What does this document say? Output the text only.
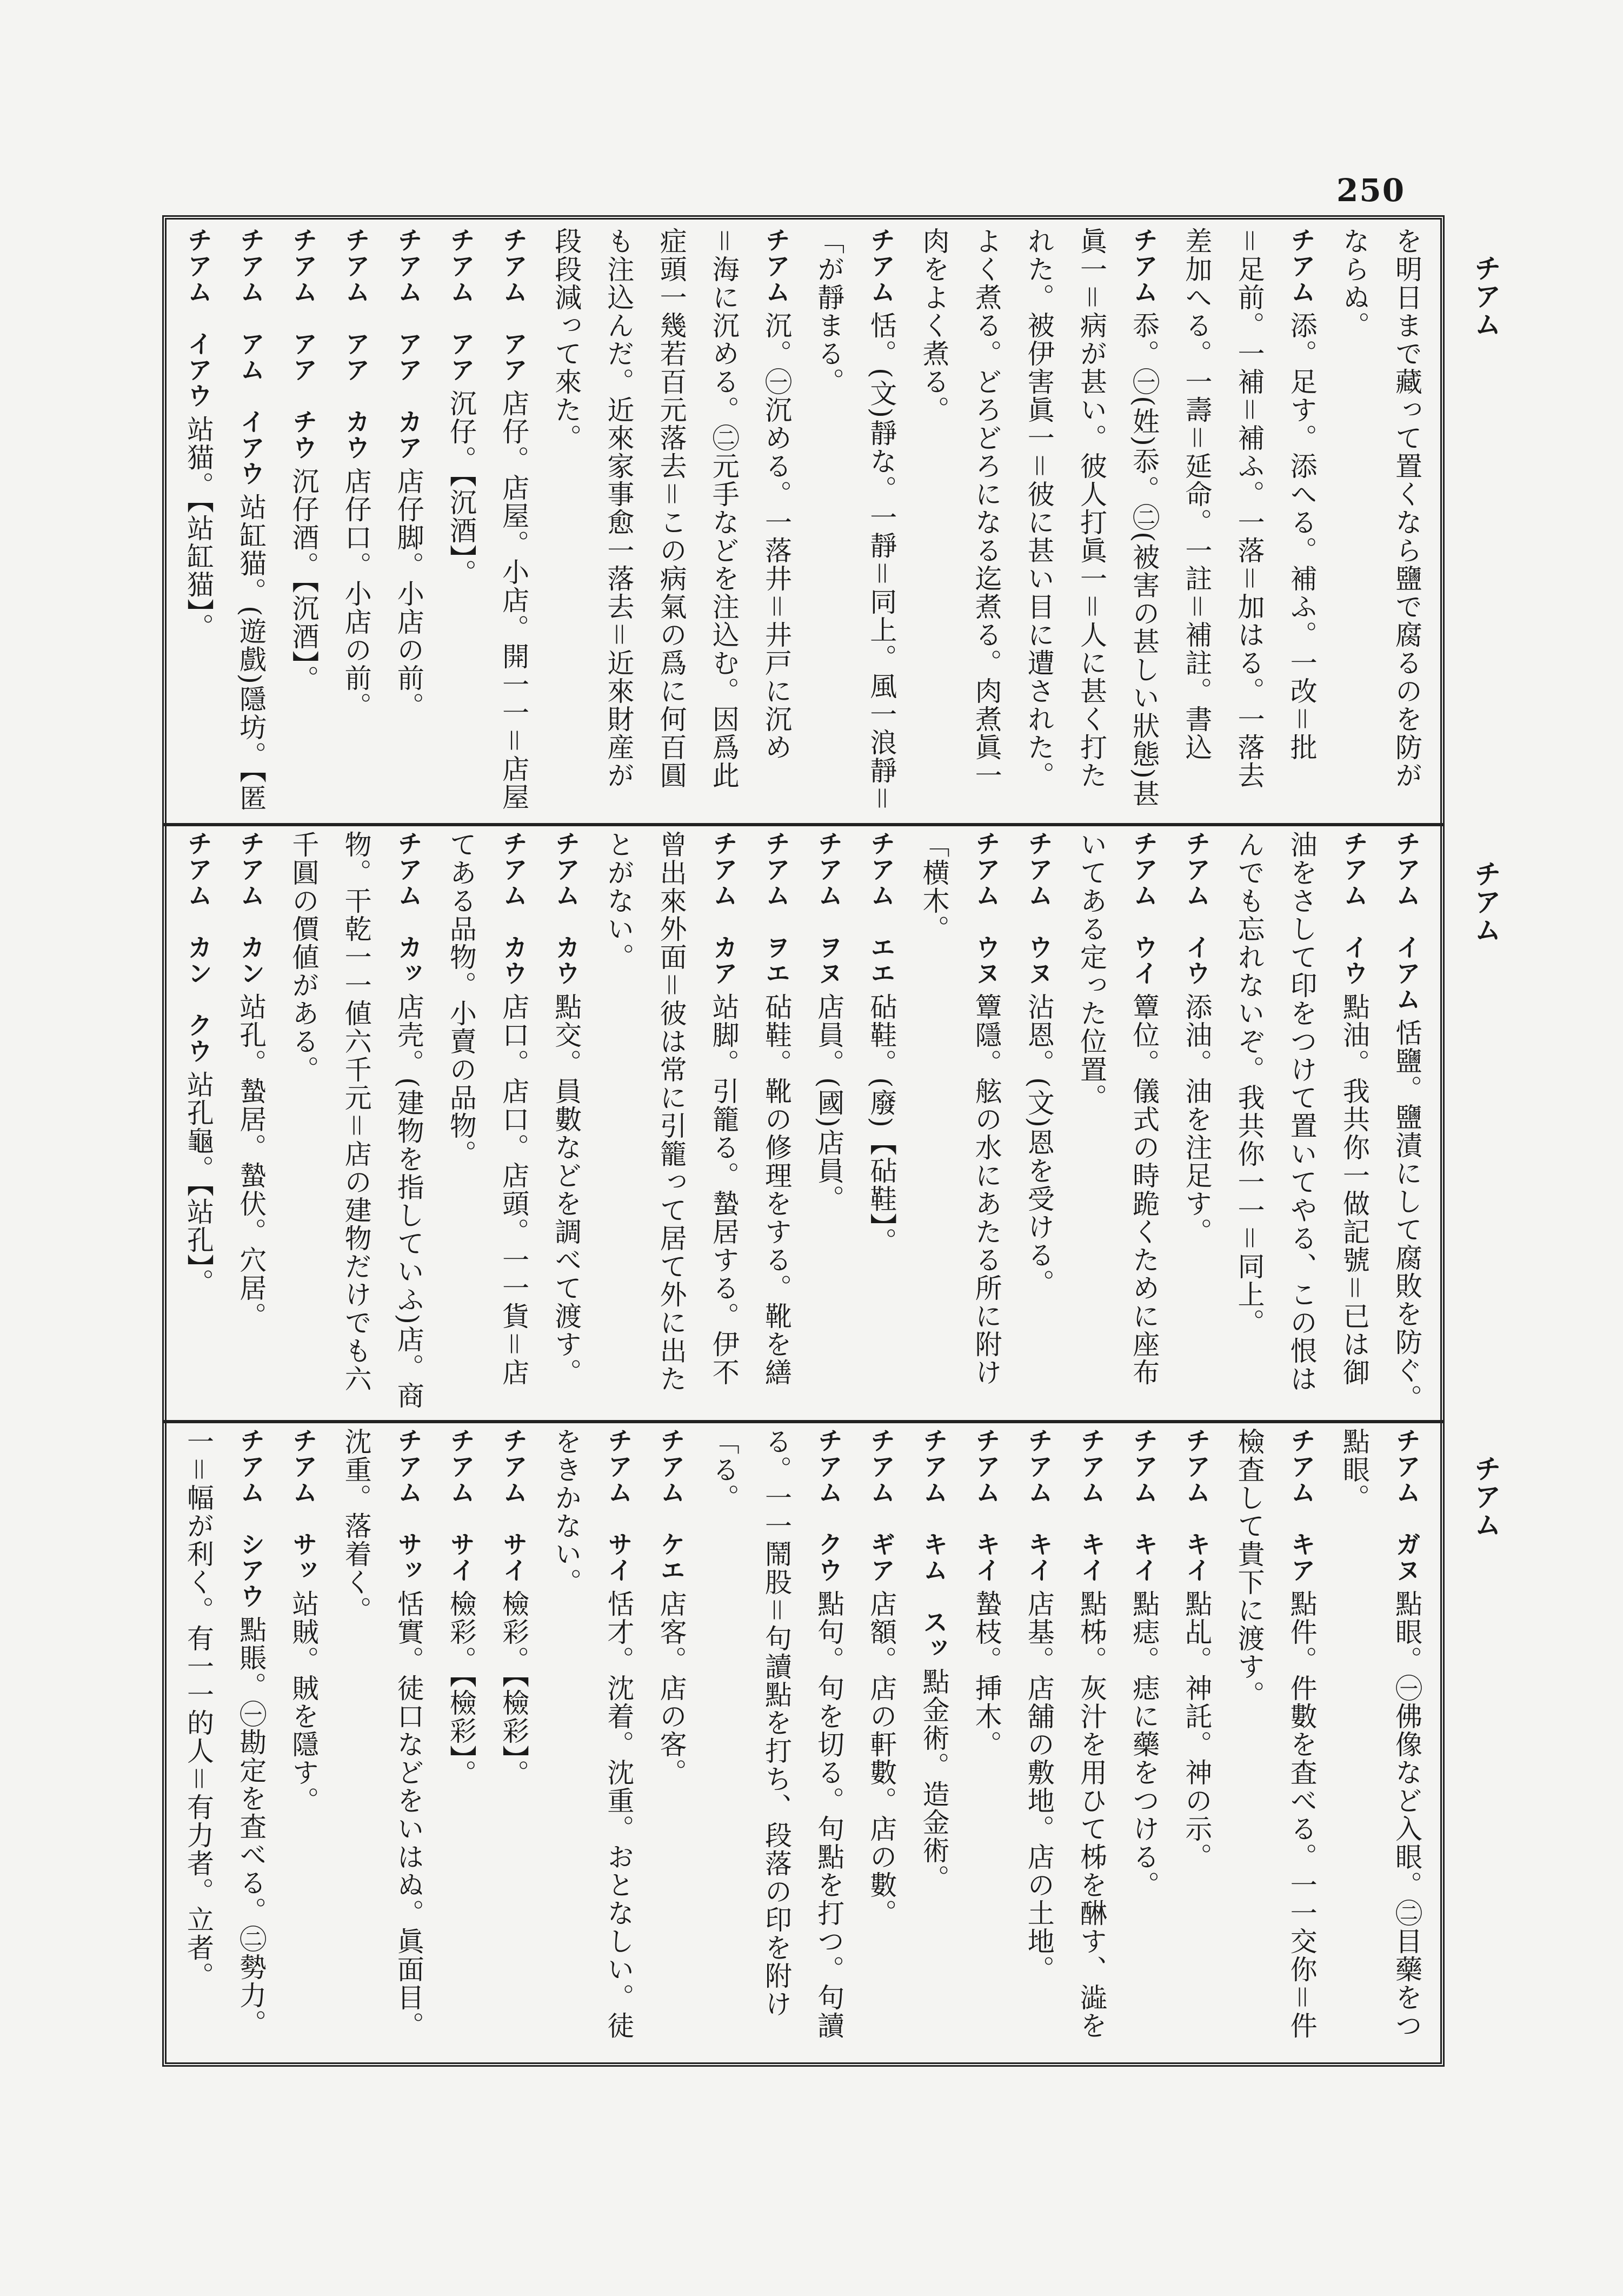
250
チアム
チアム
チアム
を明日まで藏って置くなら鹽で腐るのを防が
ならぬ。
チアム添。足す。添へる。補ふ。一改＝批
＝足前。一補＝補ふ。一落＝加はる。一落去
差加へる。一壽＝延命。一註＝補註。書込
チアム忝。㊀(姓)忝。㊁(被害の甚しい狀態)甚
眞一＝病が甚い。彼人打眞一＝人に甚く打た
れた。被伊害眞一＝彼に甚い目に遭された。
よく煮る。どろどろになる迄煮る。肉煮眞一
肉をよく煮る。
チアム恬。(文)靜な。一靜＝同上。風一浪靜＝
「が靜まる。
チアム沉。㊀沉める。一落井＝井戸に沉め
＝海に沉める。㊁元手などを注込む。因爲此
症頭一幾若百元落去＝この病氣の爲に何百圓
も注込んだ。近來家事愈一落去＝近來財産が
段段減って來た。
チアム　アア店仔。店屋。小店。開一一＝店屋
チアム　アア沉仔。【沉酒】。
チアム　アア　カア店仔脚。小店の前。
チアム　アア　カウ店仔口。小店の前。
チアム　アア　チウ沉仔酒。【沉酒】。
チアム　アム　イアウ站缸猫。(遊戲)隱坊。【匿
チアム　イアウ站猫。【站缸猫】。
チアム　イアム恬鹽。鹽漬にして腐敗を防ぐ。
チアム　イウ點油。我共你一做記號＝已は御
油をさして印をつけて置いてやる、この恨は
んでも忘れないぞ。我共你一一＝同上。
チアム　イウ添油。油を注足す。
チアム　ウイ簟位。儀式の時跪くために座布
いてある定った位置。
チアム　ウヌ沾恩。(文)恩を受ける。
チアム　ウヌ簟隱。舷の水にあたる所に附け
「横木。
チアム　エエ砧鞋。(廢)【砧鞋】。
チアム　ヲヌ店員。(國)店員。
チアム　ヲエ砧鞋。靴の修理をする。靴を繕
チアム　カア站脚。引籠る。蟄居する。伊不
曾出來外面＝彼は常に引籠って居て外に出た
とがない。
チアム　カウ點交。員數などを調べて渡す。
チアム　カウ店口。店口。店頭。一一貨＝店
てある品物。小賣の品物。
チアム　カッ店壳。(建物を指していふ)店。商
物。干乾一一値六千元＝店の建物だけでも六
千圓の價値がある。
チアム　カン站孔。蟄居。蟄伏。穴居。
チアム　カン　クウ站孔龜。【站孔】。
チアム　ガヌ點眼。㊀佛像など入眼。㊁目藥をつ
點眼。
チアム　キア點件。件數を査べる。一一交你＝件
檢査して貴下に渡す。
チアム　キイ點乩。神託。神の示。
チアム　キイ點痣。痣に藥をつける。
チアム　キイ點柹。灰汁を用ひて柹を醂す、澁を
チアム　キイ店基。店舖の敷地。店の土地。
チアム　キイ蟄枝。挿木。
チアム　キム　スッ點金術。造金術。
チアム　ギア店額。店の軒數。店の數。
チアム　クウ點句。句を切る。句點を打つ。句讀
る。一一鬧股＝句讀點を打ち、段落の印を附け
「る。
チアム　ケエ店客。店の客。
チアム　サイ恬才。沈着。沈重。おとなしい。徒
をきかない。
チアム　サイ檢彩。【檢彩】。
チアム　サイ檢彩。【檢彩】。
チアム　サッ恬實。徒口などをいはぬ。眞面目。
沈重。落着く。
チアム　サッ站賊。賊を隱す。
チアム　シアウ點賬。㊀勘定を査べる。㊁勢力。
一＝幅が利く。有一一的人＝有力者。立者。
